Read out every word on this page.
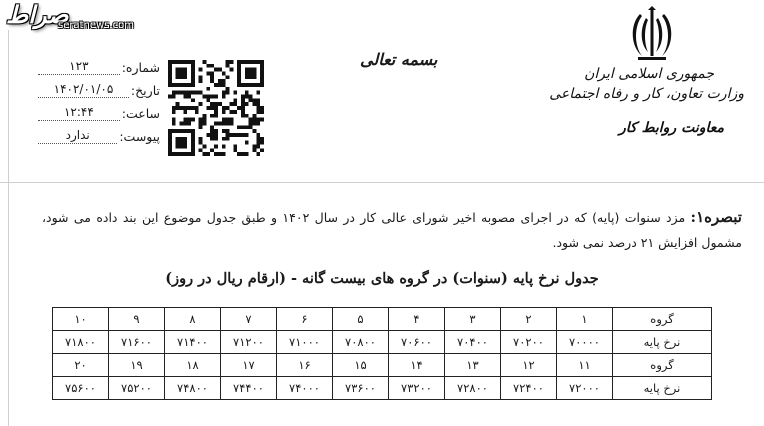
صراط
seratnews.com
جمهوری اسلامی ایران
وزارت تعاون، کار و رفاه اجتماعی
معاونت روابط کار
بسمه تعالی
شماره:
۱۲۳
تاریخ:
۱۴۰۲/۰۱/۰۵
ساعت:
۱۲:۴۴
پیوست:
ندارد
تبصره۱: مزد سنوات (پایه) که در اجرای مصوبه اخیر شورای عالی کار در سال ۱۴۰۲ و طبق جدول موضوع این بند داده می شود، مشمول افزایش ۲۱ درصد نمی شود.
جدول نرخ پایه (سنوات) در گروه های بیست گانه - (ارقام ریال در روز)
گروه	۱	۲	۳	۴	۵	۶	۷	۸	۹	۱۰
نرخ پایه	۷۰۰۰۰	۷۰۲۰۰	۷۰۴۰۰	۷۰۶۰۰	۷۰۸۰۰	۷۱۰۰۰	۷۱۲۰۰	۷۱۴۰۰	۷۱۶۰۰	۷۱۸۰۰
گروه	۱۱	۱۲	۱۳	۱۴	۱۵	۱۶	۱۷	۱۸	۱۹	۲۰
نرخ پایه	۷۲۰۰۰	۷۲۴۰۰	۷۲۸۰۰	۷۳۲۰۰	۷۳۶۰۰	۷۴۰۰۰	۷۴۴۰۰	۷۴۸۰۰	۷۵۲۰۰	۷۵۶۰۰
